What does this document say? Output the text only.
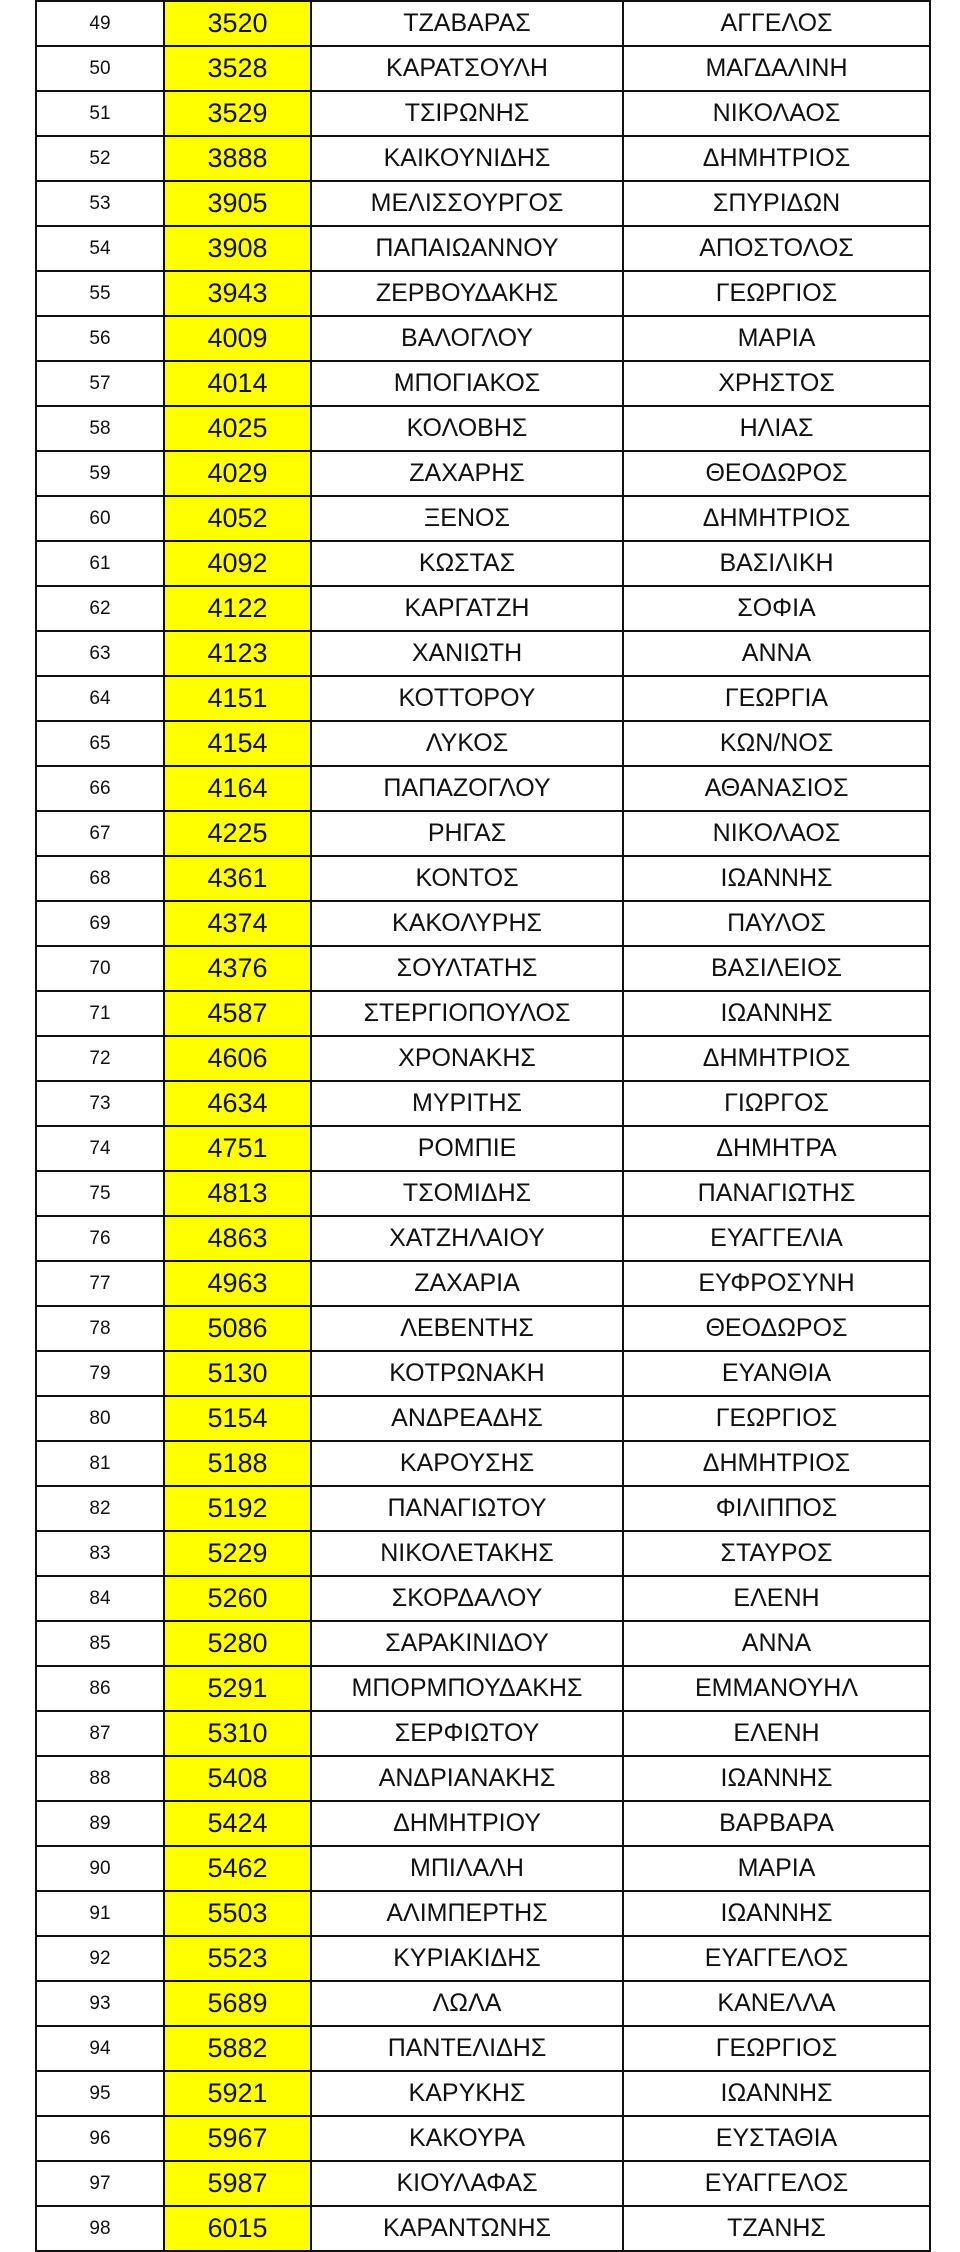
49	3520	ΤΖΑΒΑΡΑΣ	ΑΓΓΕΛΟΣ
50	3528	ΚΑΡΑΤΣΟΥΛΗ	ΜΑΓΔΑΛΙΝΗ
51	3529	ΤΣΙΡΩΝΗΣ	ΝΙΚΟΛΑΟΣ
52	3888	ΚΑΙΚΟΥΝΙΔΗΣ	ΔΗΜΗΤΡΙΟΣ
53	3905	ΜΕΛΙΣΣΟΥΡΓΟΣ	ΣΠΥΡΙΔΩΝ
54	3908	ΠΑΠΑΙΩΑΝΝΟΥ	ΑΠΟΣΤΟΛΟΣ
55	3943	ΖΕΡΒΟΥΔΑΚΗΣ	ΓΕΩΡΓΙΟΣ
56	4009	ΒΑΛΟΓΛΟΥ	ΜΑΡΙΑ
57	4014	ΜΠΟΓΙΑΚΟΣ	ΧΡΗΣΤΟΣ
58	4025	ΚΟΛΟΒΗΣ	ΗΛΙΑΣ
59	4029	ΖΑΧΑΡΗΣ	ΘΕΟΔΩΡΟΣ
60	4052	ΞΕΝΟΣ	ΔΗΜΗΤΡΙΟΣ
61	4092	ΚΩΣΤΑΣ	ΒΑΣΙΛΙΚΗ
62	4122	ΚΑΡΓΑΤΖΗ	ΣΟΦΙΑ
63	4123	ΧΑΝΙΩΤΗ	ΑΝΝΑ
64	4151	ΚΟΤΤΟΡΟΥ	ΓΕΩΡΓΙΑ
65	4154	ΛΥΚΟΣ	ΚΩΝ/ΝΟΣ
66	4164	ΠΑΠΑΖΟΓΛΟΥ	ΑΘΑΝΑΣΙΟΣ
67	4225	ΡΗΓΑΣ	ΝΙΚΟΛΑΟΣ
68	4361	ΚΟΝΤΟΣ	ΙΩΑΝΝΗΣ
69	4374	ΚΑΚΟΛΥΡΗΣ	ΠΑΥΛΟΣ
70	4376	ΣΟΥΛΤΑΤΗΣ	ΒΑΣΙΛΕΙΟΣ
71	4587	ΣΤΕΡΓΙΟΠΟΥΛΟΣ	ΙΩΑΝΝΗΣ
72	4606	ΧΡΟΝΑΚΗΣ	ΔΗΜΗΤΡΙΟΣ
73	4634	ΜΥΡΙΤΗΣ	ΓΙΩΡΓΟΣ
74	4751	ΡΟΜΠΙΕ	ΔΗΜΗΤΡΑ
75	4813	ΤΣΟΜΙΔΗΣ	ΠΑΝΑΓΙΩΤΗΣ
76	4863	ΧΑΤΖΗΛΑΙΟΥ	ΕΥΑΓΓΕΛΙΑ
77	4963	ΖΑΧΑΡΙΑ	ΕΥΦΡΟΣΥΝΗ
78	5086	ΛΕΒΕΝΤΗΣ	ΘΕΟΔΩΡΟΣ
79	5130	ΚΟΤΡΩΝΑΚΗ	ΕΥΑΝΘΙΑ
80	5154	ΑΝΔΡΕΑΔΗΣ	ΓΕΩΡΓΙΟΣ
81	5188	ΚΑΡΟΥΣΗΣ	ΔΗΜΗΤΡΙΟΣ
82	5192	ΠΑΝΑΓΙΩΤΟΥ	ΦΙΛΙΠΠΟΣ
83	5229	ΝΙΚΟΛΕΤΑΚΗΣ	ΣΤΑΥΡΟΣ
84	5260	ΣΚΟΡΔΑΛΟΥ	ΕΛΕΝΗ
85	5280	ΣΑΡΑΚΙΝΙΔΟΥ	ΑΝΝΑ
86	5291	ΜΠΟΡΜΠΟΥΔΑΚΗΣ	ΕΜΜΑΝΟΥΗΛ
87	5310	ΣΕΡΦΙΩΤΟΥ	ΕΛΕΝΗ
88	5408	ΑΝΔΡΙΑΝΑΚΗΣ	ΙΩΑΝΝΗΣ
89	5424	ΔΗΜΗΤΡΙΟΥ	ΒΑΡΒΑΡΑ
90	5462	ΜΠΙΛΑΛΗ	ΜΑΡΙΑ
91	5503	ΑΛΙΜΠΕΡΤΗΣ	ΙΩΑΝΝΗΣ
92	5523	ΚΥΡΙΑΚΙΔΗΣ	ΕΥΑΓΓΕΛΟΣ
93	5689	ΛΩΛΑ	ΚΑΝΕΛΛΑ
94	5882	ΠΑΝΤΕΛΙΔΗΣ	ΓΕΩΡΓΙΟΣ
95	5921	ΚΑΡΥΚΗΣ	ΙΩΑΝΝΗΣ
96	5967	ΚΑΚΟΥΡΑ	ΕΥΣΤΑΘΙΑ
97	5987	ΚΙΟΥΛΑΦΑΣ	ΕΥΑΓΓΕΛΟΣ
98	6015	ΚΑΡΑΝΤΩΝΗΣ	ΤΖΑΝΗΣ
